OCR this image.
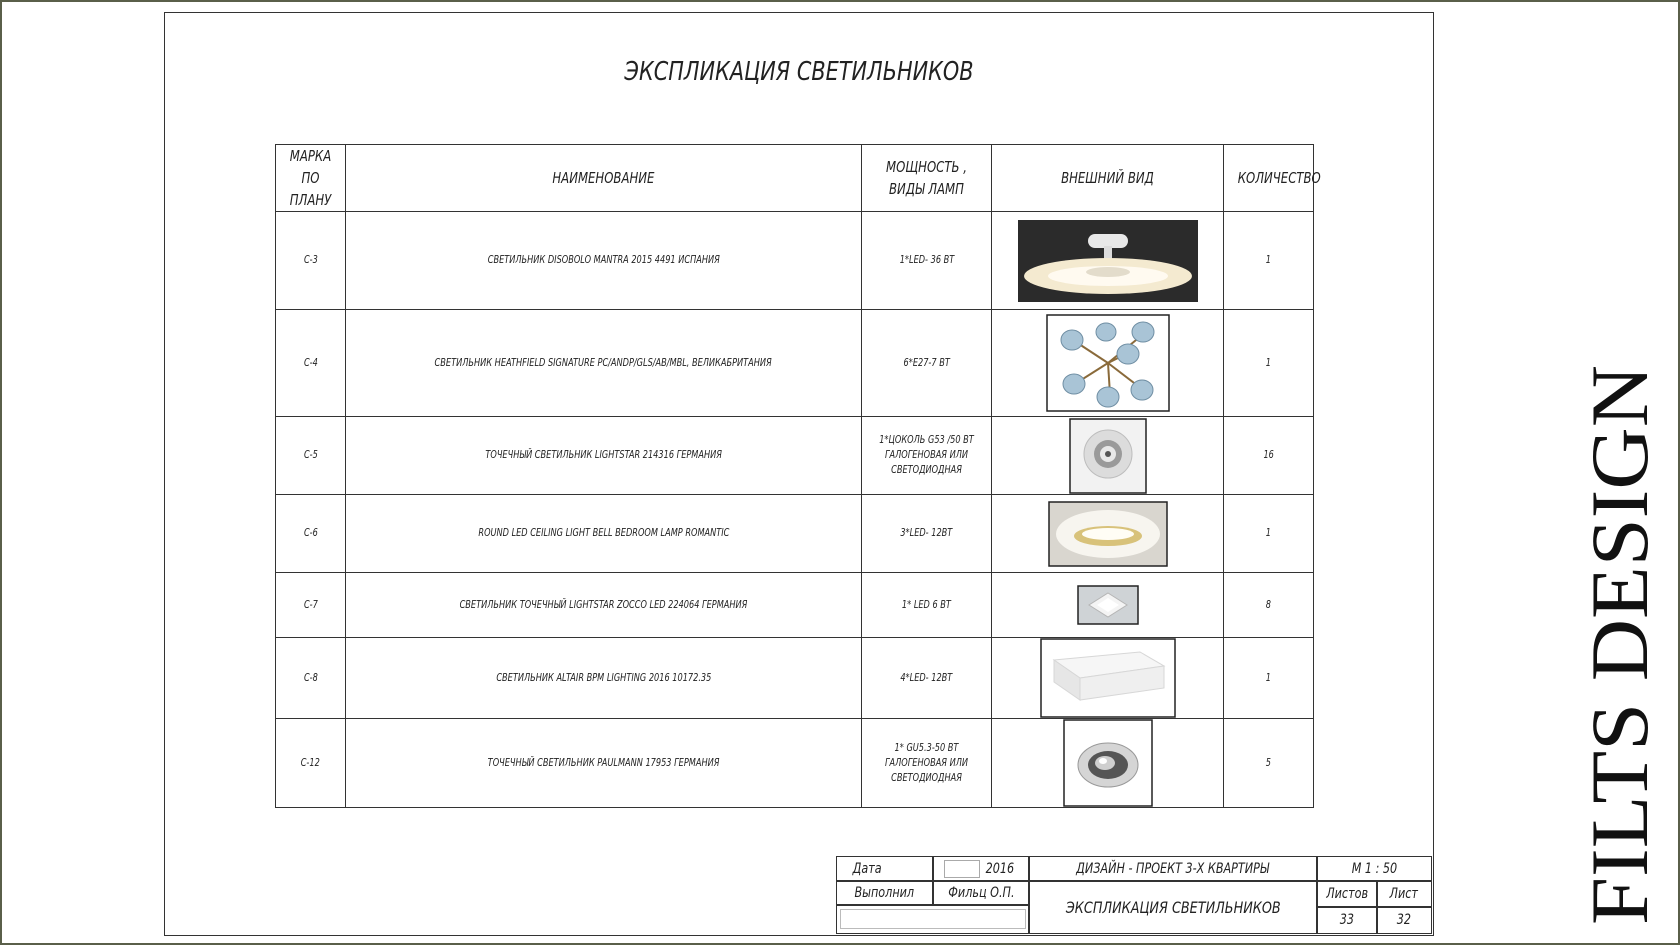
ЭКСПЛИКАЦИЯ СВЕТИЛЬНИКОВ
МАРКА ПО ПЛАНУ	НАИМЕНОВАНИЕ	МОЩНОСТЬ , ВИДЫ ЛАМП	ВНЕШНИЙ ВИД	КОЛИЧЕСТВО
C-3	СВЕТИЛЬНИК DISOBOLO MANTRA 2015 4491 ИСПАНИЯ	1*LED- 36 ВТ		1
C-4	СВЕТИЛЬНИК HEATHFIELD SIGNATURE PC/ANDP/GLS/AB/MBL, ВЕЛИКАБРИТАНИЯ	6*E27-7 ВТ		1
C-5	ТОЧЕЧНЫЙ СВЕТИЛЬНИК LIGHTSTAR 214316 ГЕРМАНИЯ	1*ЦОКОЛЬ G53 /50 ВТ ГАЛОГЕНОВАЯ ИЛИ СВЕТОДИОДНАЯ		16
C-6	ROUND LED CEILING LIGHT BELL BEDROOM LAMP ROMANTIC	3*LED- 12ВТ		1
C-7	СВЕТИЛЬНИК ТОЧЕЧНЫЙ LIGHTSTAR ZOCCO LED 224064 ГЕРМАНИЯ	1* LED 6 ВТ		8
C-8	СВЕТИЛЬНИК ALTAIR BPM LIGHTING 2016 10172.35	4*LED- 12ВТ		1
C-12	ТОЧЕЧНЫЙ СВЕТИЛЬНИК PAULMANN 17953 ГЕРМАНИЯ	1* GU5.3-50 ВТ ГАЛОГЕНОВАЯ ИЛИ СВЕТОДИОДНАЯ		5
Дата	2016	ДИЗАЙН - ПРОЕКТ 3-Х КВАРТИРЫ	М 1 : 50
Выполнил Фильц О.П.
ЭКСПЛИКАЦИЯ СВЕТИЛЬНИКОВ
Листов Лист
33	32 FILTS DESIGN
